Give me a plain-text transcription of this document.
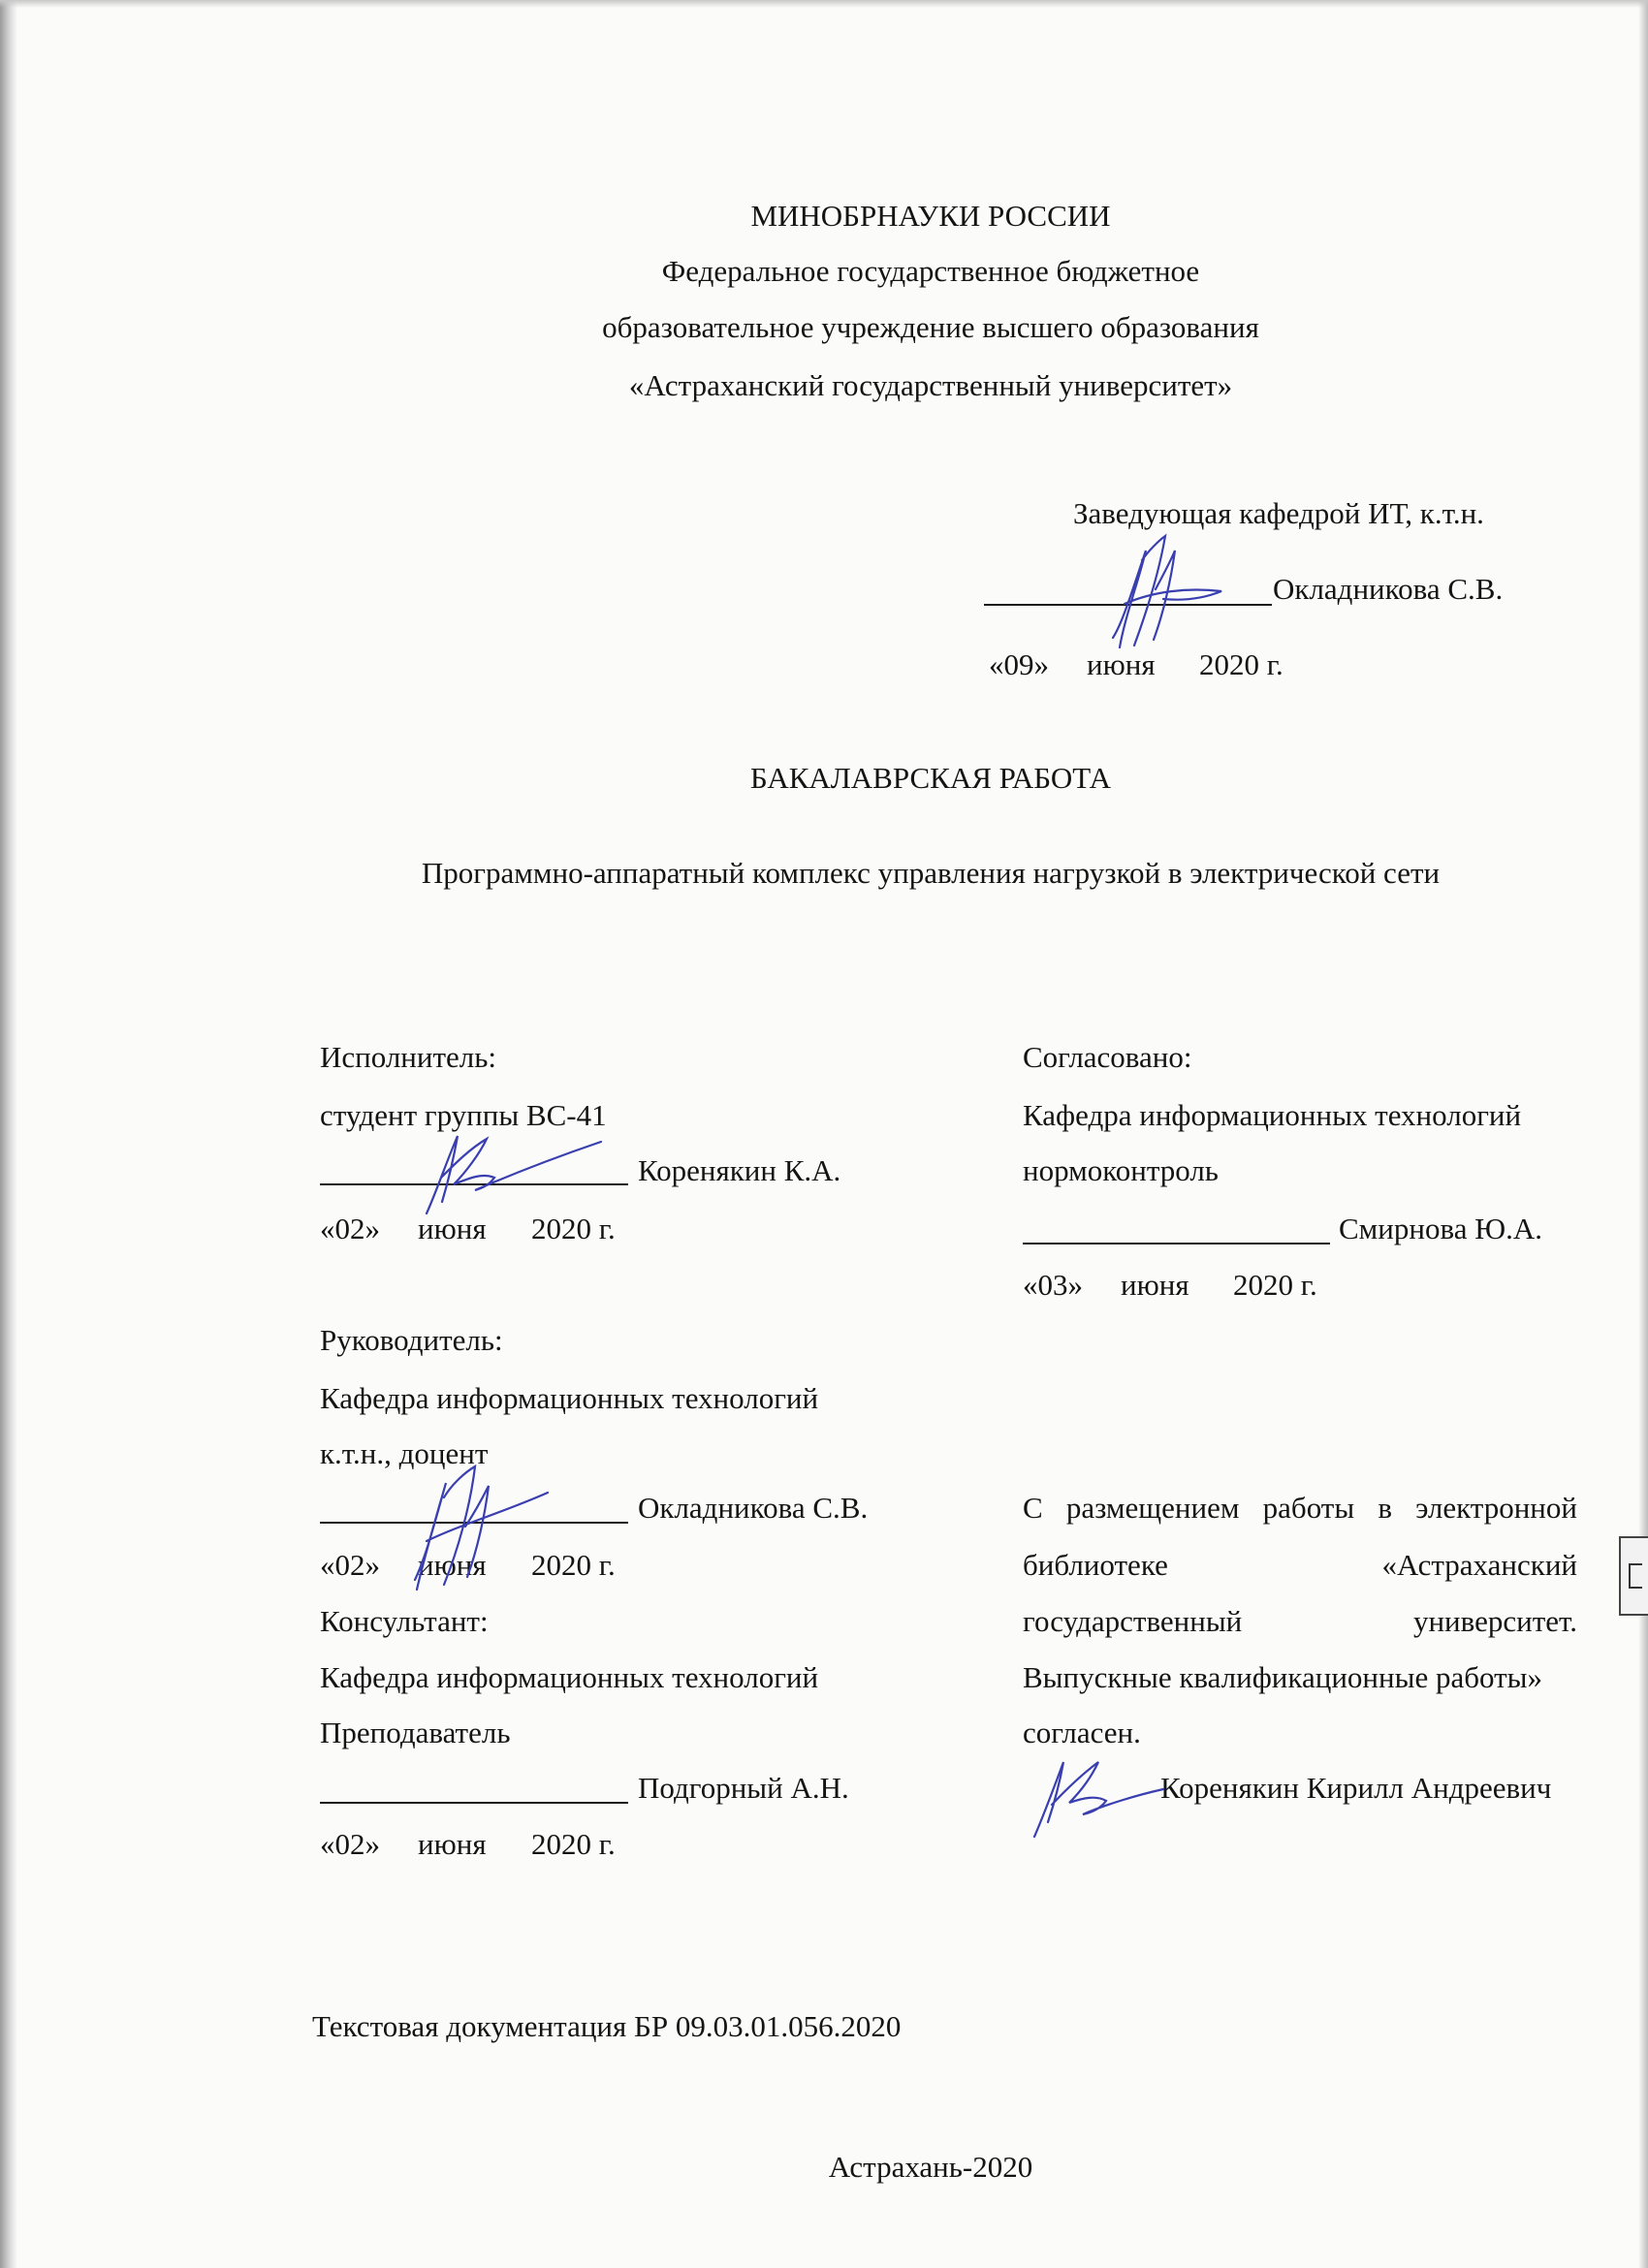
МИНОБРНАУКИ РОССИИ
Федеральное государственное бюджетное
образовательное учреждение высшего образования
«Астраханский государственный университет»
Заведующая кафедрой ИТ, к.т.н.
Окладникова С.В.
«09» июня 2020 г.
БАКАЛАВРСКАЯ РАБОТА
Программно-аппаратный комплекс управления нагрузкой в электрической сети
Исполнитель:
студент группы ВС-41
Коренякин К.А.
«02» июня 2020 г.
Согласовано:
Кафедра информационных технологий
нормоконтроль
Смирнова Ю.А.
«03» июня 2020 г.
Руководитель:
Кафедра информационных технологий
к.т.н., доцент
Окладникова С.В.
«02» июня 2020 г.
Консультант:
Кафедра информационных технологий
Преподаватель
Подгорный А.Н.
«02» июня 2020 г.
С размещением работы в электронной
библиотеке	«Астраханский
государственный	университет.
Выпускные квалификационные работы»
согласен.
Коренякин Кирилл Андреевич
Текстовая документация БР 09.03.01.056.2020
Астрахань-2020
